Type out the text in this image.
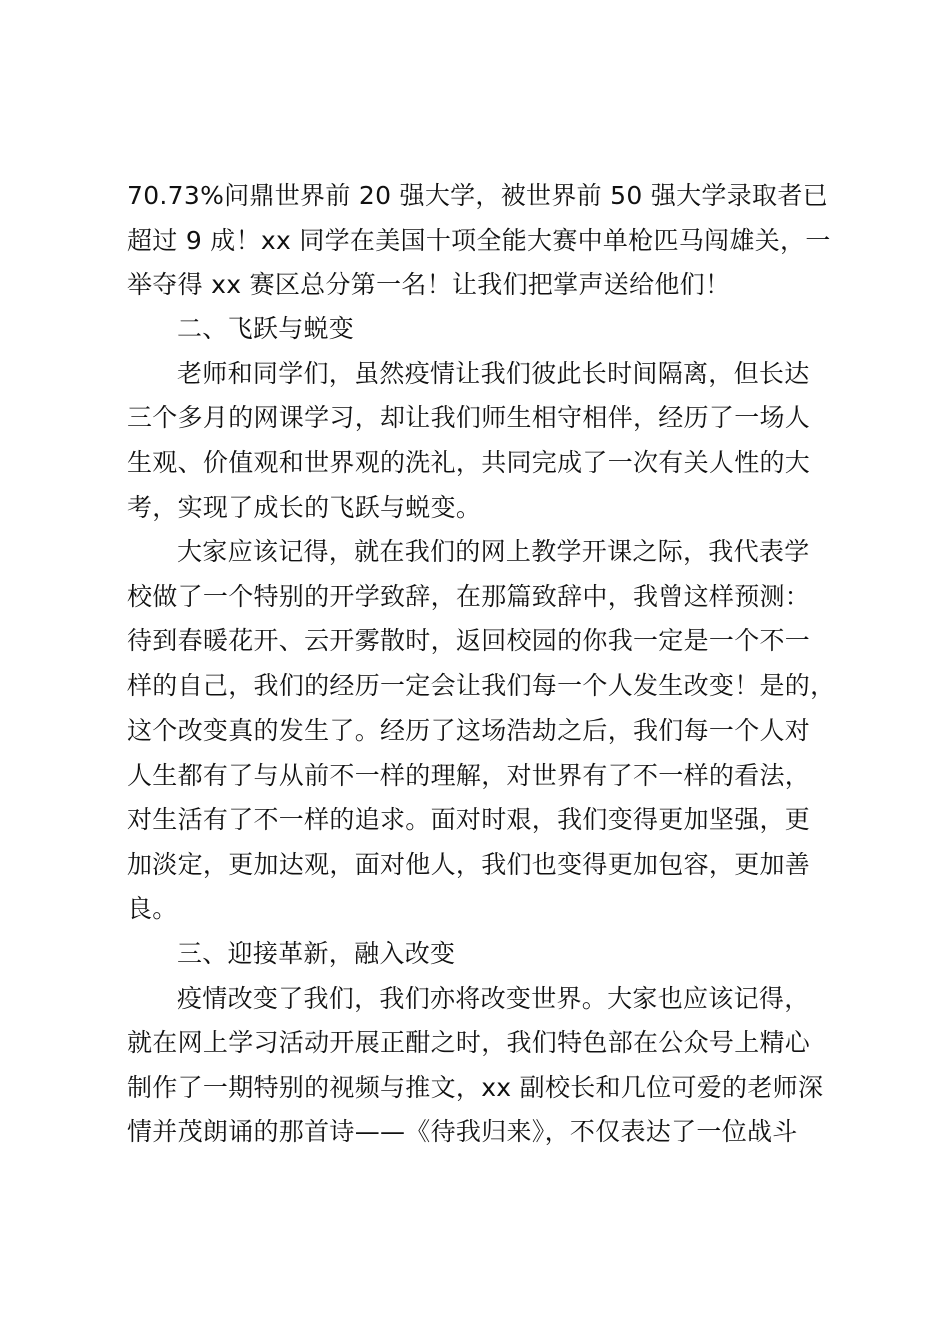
70.73%问鼎世界前 20 强大学，被世界前 50 强大学录取者已
超过 9 成！xx 同学在美国十项全能大赛中单枪匹马闯雄关，一
举夺得 xx 赛区总分第一名！让我们把掌声送给他们！
二、飞跃与蜕变
老师和同学们，虽然疫情让我们彼此长时间隔离，但长达
三个多月的网课学习，却让我们师生相守相伴，经历了一场人
生观、价值观和世界观的洗礼，共同完成了一次有关人性的大
考，实现了成长的飞跃与蜕变。
大家应该记得，就在我们的网上教学开课之际，我代表学
校做了一个特别的开学致辞，在那篇致辞中，我曾这样预测：
待到春暖花开、云开雾散时，返回校园的你我一定是一个不一
样的自己，我们的经历一定会让我们每一个人发生改变！是的，
这个改变真的发生了。经历了这场浩劫之后，我们每一个人对
人生都有了与从前不一样的理解，对世界有了不一样的看法，
对生活有了不一样的追求。面对时艰，我们变得更加坚强，更
加淡定，更加达观，面对他人，我们也变得更加包容，更加善
良。
三、迎接革新，融入改变
疫情改变了我们，我们亦将改变世界。大家也应该记得，
就在网上学习活动开展正酣之时，我们特色部在公众号上精心
制作了一期特别的视频与推文，xx 副校长和几位可爱的老师深
情并茂朗诵的那首诗——《待我归来》，不仅表达了一位战斗
